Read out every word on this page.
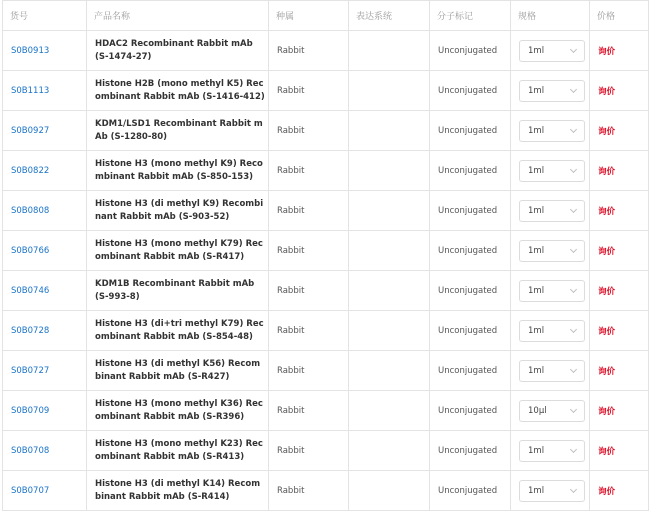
货号	产品名称	种属	表达系统	分子标记	规格	价格
S0B0913	HDAC2 Recombinant Rabbit mAb (S-1474-27)	Rabbit		Unconjugated	1ml	询价
S0B1113	Histone H2B (mono methyl K5) Recombinant Rabbit mAb (S-1416-412)	Rabbit		Unconjugated	1ml	询价
S0B0927	KDM1/LSD1 Recombinant Rabbit mAb (S-1280-80)	Rabbit		Unconjugated	1ml	询价
S0B0822	Histone H3 (mono methyl K9) Recombinant Rabbit mAb (S-850-153)	Rabbit		Unconjugated	1ml	询价
S0B0808	Histone H3 (di methyl K9) Recombinant Rabbit mAb (S-903-52)	Rabbit		Unconjugated	1ml	询价
S0B0766	Histone H3 (mono methyl K79) Recombinant Rabbit mAb (S-R417)	Rabbit		Unconjugated	1ml	询价
S0B0746	KDM1B Recombinant Rabbit mAb (S-993-8)	Rabbit		Unconjugated	1ml	询价
S0B0728	Histone H3 (di+tri methyl K79) Recombinant Rabbit mAb (S-854-48)	Rabbit		Unconjugated	1ml	询价
S0B0727	Histone H3 (di methyl K56) Recombinant Rabbit mAb (S-R427)	Rabbit		Unconjugated	1ml	询价
S0B0709	Histone H3 (mono methyl K36) Recombinant Rabbit mAb (S-R396)	Rabbit		Unconjugated	10μl	询价
S0B0708	Histone H3 (mono methyl K23) Recombinant Rabbit mAb (S-R413)	Rabbit		Unconjugated	1ml	询价
S0B0707	Histone H3 (di methyl K14) Recombinant Rabbit mAb (S-R414)	Rabbit		Unconjugated	1ml	询价
